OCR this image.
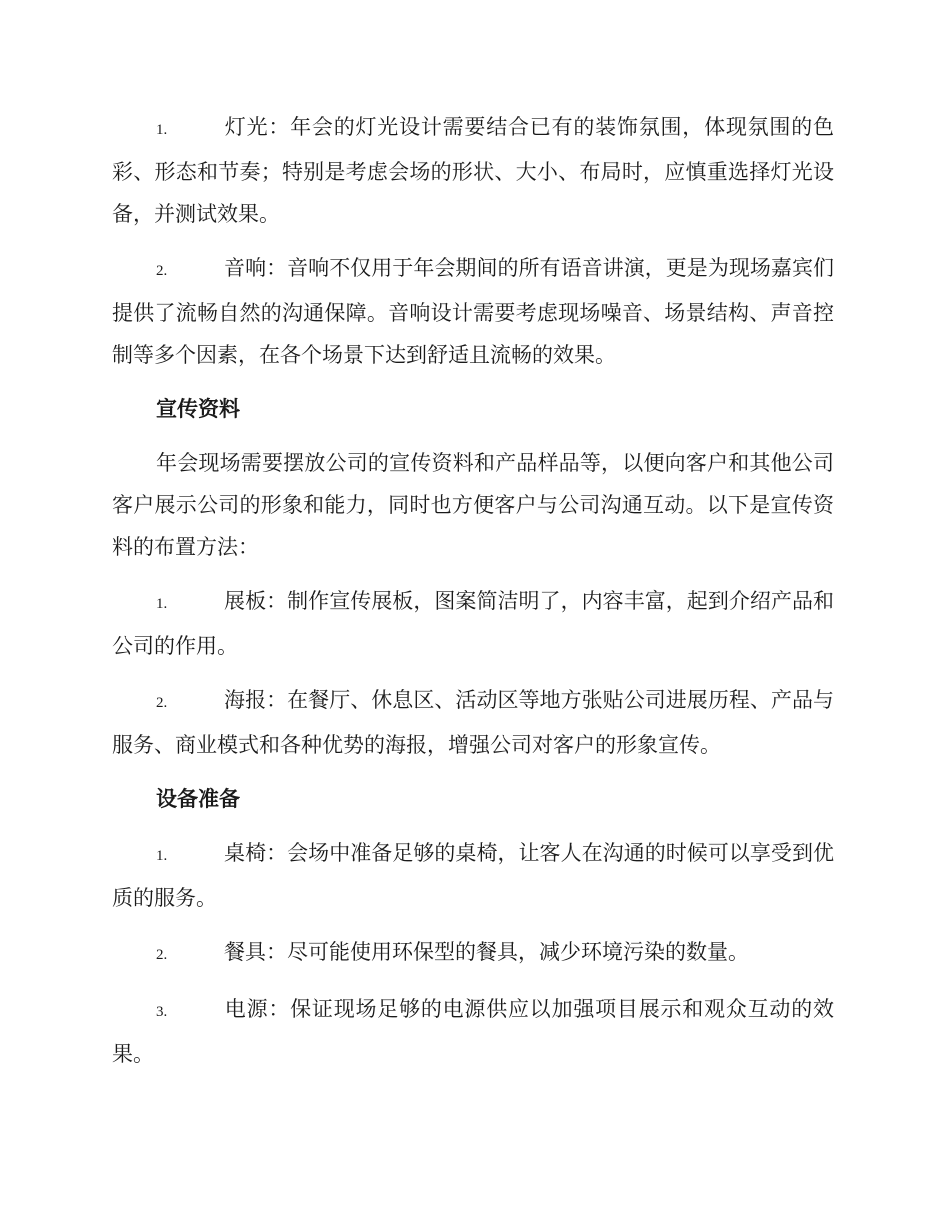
1.	灯光：年会的灯光设计需要结合已有的装饰氛围，体现氛围的色彩、形态和节奏；特别是考虑会场的形状、大小、布局时，应慎重选择灯光设备，并测试效果。

2.	音响：音响不仅用于年会期间的所有语音讲演，更是为现场嘉宾们提供了流畅自然的沟通保障。音响设计需要考虑现场噪音、场景结构、声音控制等多个因素，在各个场景下达到舒适且流畅的效果。

宣传资料

年会现场需要摆放公司的宣传资料和产品样品等，以便向客户和其他公司客户展示公司的形象和能力，同时也方便客户与公司沟通互动。以下是宣传资料的布置方法：

1.	展板：制作宣传展板，图案简洁明了，内容丰富，起到介绍产品和公司的作用。

2.	海报：在餐厅、休息区、活动区等地方张贴公司进展历程、产品与服务、商业模式和各种优势的海报，增强公司对客户的形象宣传。

设备准备

1.	桌椅：会场中准备足够的桌椅，让客人在沟通的时候可以享受到优质的服务。

2.	餐具：尽可能使用环保型的餐具，减少环境污染的数量。

3.	电源：保证现场足够的电源供应以加强项目展示和观众互动的效果。
